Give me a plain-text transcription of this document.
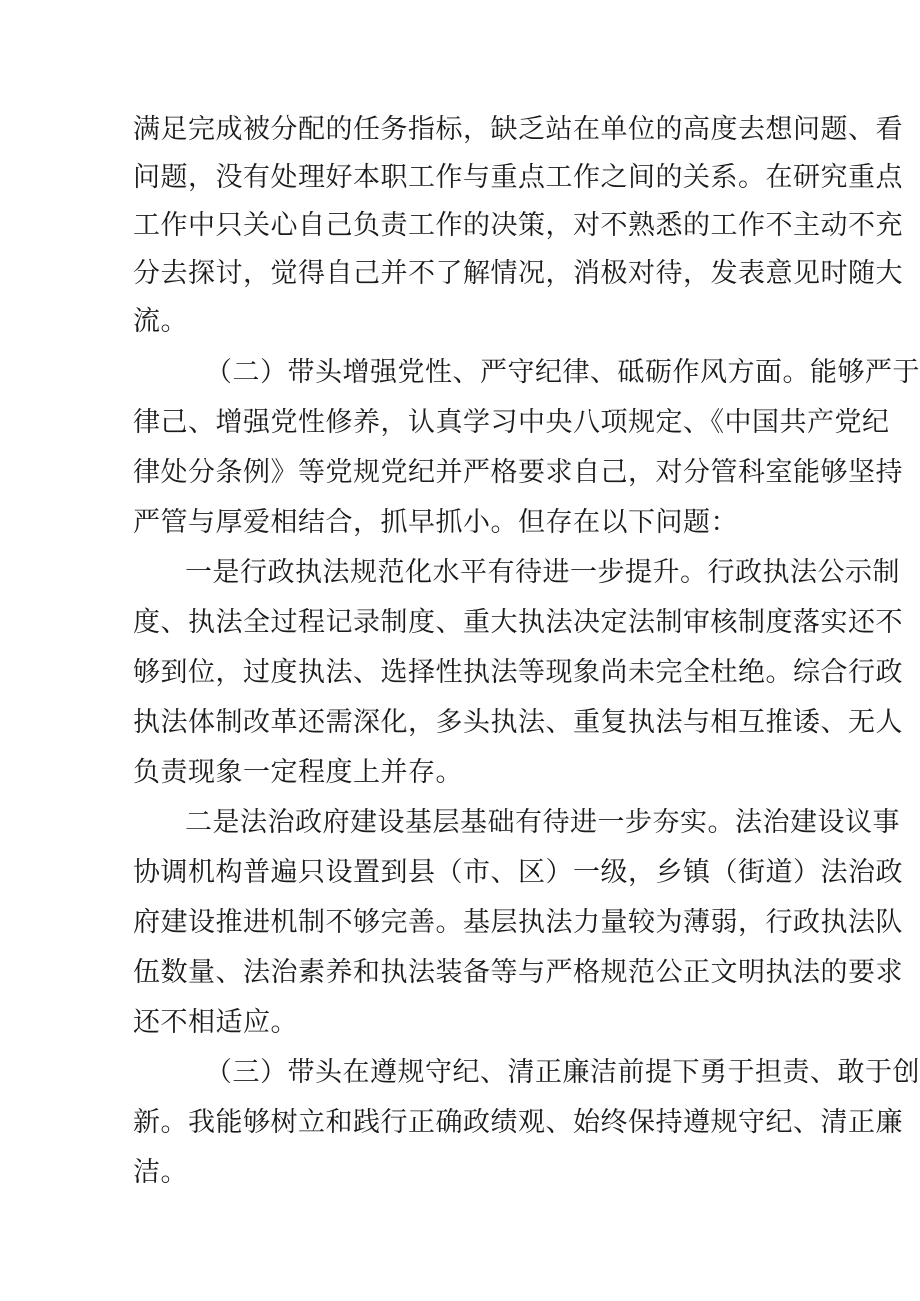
满足完成被分配的任务指标，缺乏站在单位的高度去想问题、看
问题，没有处理好本职工作与重点工作之间的关系。在研究重点
工作中只关心自己负责工作的决策，对不熟悉的工作不主动不充
分去探讨，觉得自己并不了解情况，消极对待，发表意见时随大
流。
（二）带头增强党性、严守纪律、砥砺作风方面。能够严于
律己、增强党性修养，认真学习中央八项规定、《中国共产党纪
律处分条例》等党规党纪并严格要求自己，对分管科室能够坚持
严管与厚爱相结合，抓早抓小。但存在以下问题：
一是行政执法规范化水平有待进一步提升。行政执法公示制
度、执法全过程记录制度、重大执法决定法制审核制度落实还不
够到位，过度执法、选择性执法等现象尚未完全杜绝。综合行政
执法体制改革还需深化，多头执法、重复执法与相互推诿、无人
负责现象一定程度上并存。
二是法治政府建设基层基础有待进一步夯实。法治建设议事
协调机构普遍只设置到县（市、区）一级，乡镇（街道）法治政
府建设推进机制不够完善。基层执法力量较为薄弱，行政执法队
伍数量、法治素养和执法装备等与严格规范公正文明执法的要求
还不相适应。
（三）带头在遵规守纪、清正廉洁前提下勇于担责、敢于创
新。我能够树立和践行正确政绩观、始终保持遵规守纪、清正廉
洁。
